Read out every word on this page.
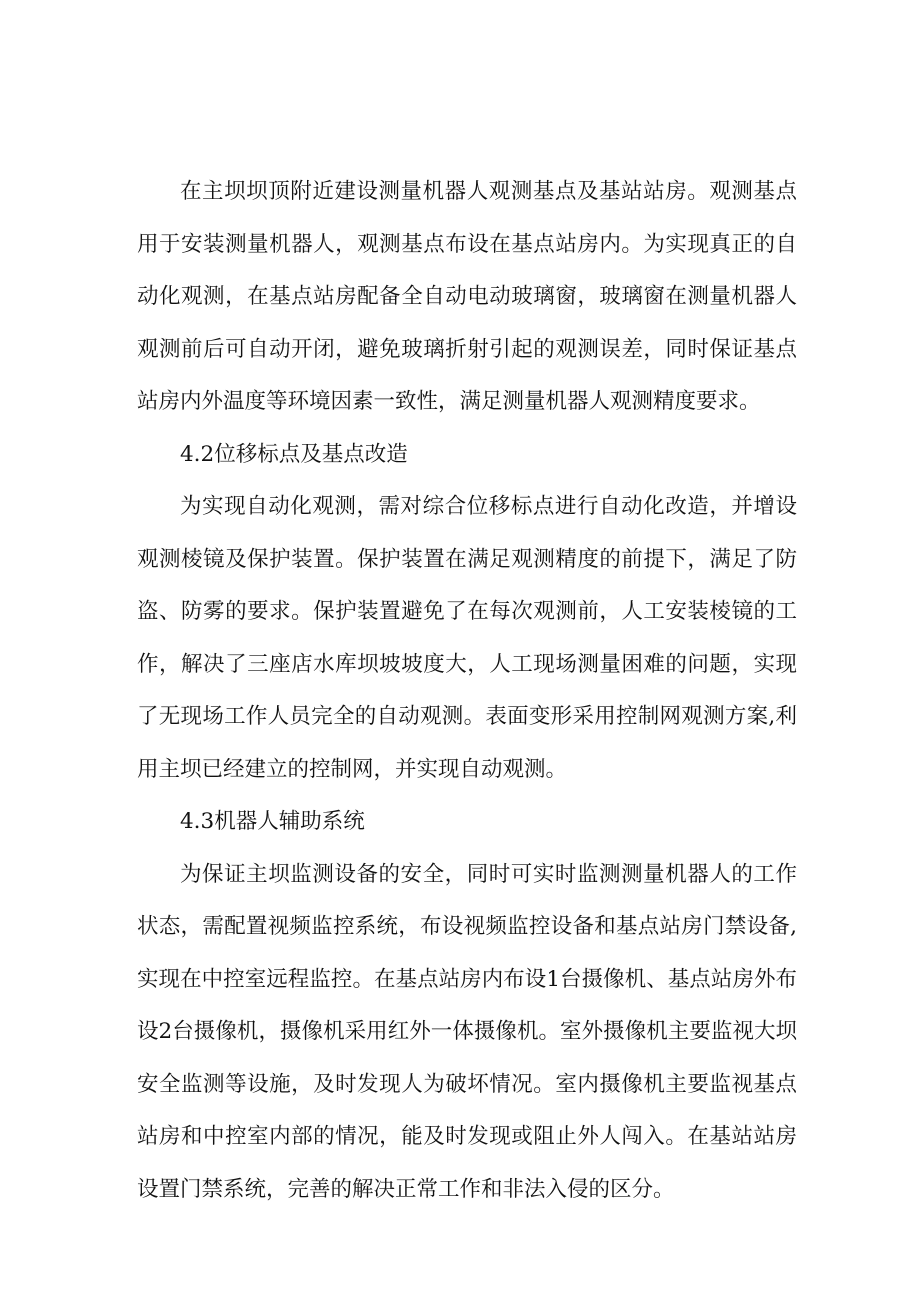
在主坝坝顶附近建设测量机器人观测基点及基站站房。观测基点用于安装测量机器人，观测基点布设在基点站房内。为实现真正的自动化观测，在基点站房配备全自动电动玻璃窗，玻璃窗在测量机器人观测前后可自动开闭，避免玻璃折射引起的观测误差，同时保证基点站房内外温度等环境因素一致性，满足测量机器人观测精度要求。

4.2位移标点及基点改造

为实现自动化观测，需对综合位移标点进行自动化改造，并增设观测棱镜及保护装置。保护装置在满足观测精度的前提下，满足了防盗、防雾的要求。保护装置避免了在每次观测前，人工安装棱镜的工作，解决了三座店水库坝坡坡度大，人工现场测量困难的问题，实现了无现场工作人员完全的自动观测。表面变形采用控制网观测方案,利用主坝已经建立的控制网，并实现自动观测。

4.3机器人辅助系统

为保证主坝监测设备的安全，同时可实时监测测量机器人的工作状态，需配置视频监控系统，布设视频监控设备和基点站房门禁设备,实现在中控室远程监控。在基点站房内布设1台摄像机、基点站房外布设2台摄像机，摄像机采用红外一体摄像机。室外摄像机主要监视大坝安全监测等设施，及时发现人为破坏情况。室内摄像机主要监视基点站房和中控室内部的情况，能及时发现或阻止外人闯入。在基站站房设置门禁系统，完善的解决正常工作和非法入侵的区分。
